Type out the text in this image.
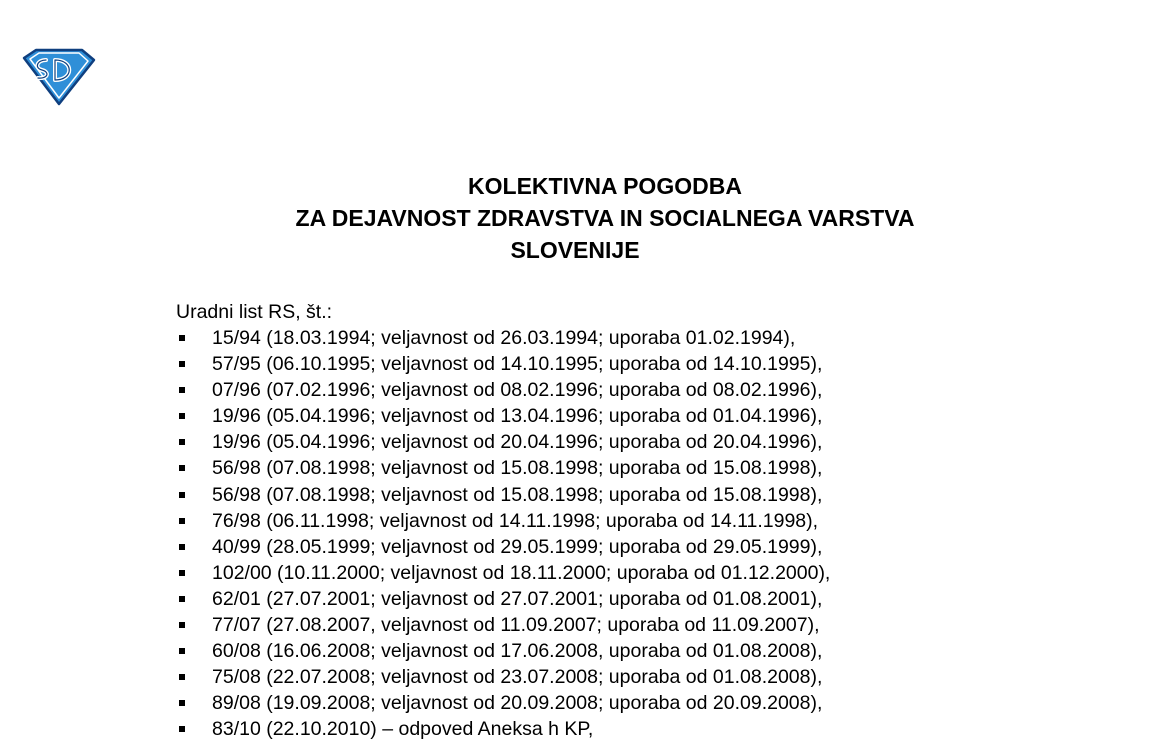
KOLEKTIVNA POGODBA
ZA DEJAVNOST ZDRAVSTVA IN SOCIALNEGA VARSTVA
SLOVENIJE
Uradni list RS, št.:
15/94 (18.03.1994; veljavnost od 26.03.1994; uporaba 01.02.1994),
57/95 (06.10.1995; veljavnost od 14.10.1995; uporaba od 14.10.1995),
07/96 (07.02.1996; veljavnost od 08.02.1996; uporaba od 08.02.1996),
19/96 (05.04.1996; veljavnost od 13.04.1996; uporaba od 01.04.1996),
19/96 (05.04.1996; veljavnost od 20.04.1996; uporaba od 20.04.1996),
56/98 (07.08.1998; veljavnost od 15.08.1998; uporaba od 15.08.1998),
56/98 (07.08.1998; veljavnost od 15.08.1998; uporaba od 15.08.1998),
76/98 (06.11.1998; veljavnost od 14.11.1998; uporaba od 14.11.1998),
40/99 (28.05.1999; veljavnost od 29.05.1999; uporaba od 29.05.1999),
102/00 (10.11.2000; veljavnost od 18.11.2000; uporaba od 01.12.2000),
62/01 (27.07.2001; veljavnost od 27.07.2001; uporaba od 01.08.2001),
77/07 (27.08.2007, veljavnost od 11.09.2007; uporaba od 11.09.2007),
60/08 (16.06.2008; veljavnost od 17.06.2008, uporaba od 01.08.2008),
75/08 (22.07.2008; veljavnost od 23.07.2008; uporaba od 01.08.2008),
89/08 (19.09.2008; veljavnost od 20.09.2008; uporaba od 20.09.2008),
83/10 (22.10.2010) – odpoved Aneksa h KP,
